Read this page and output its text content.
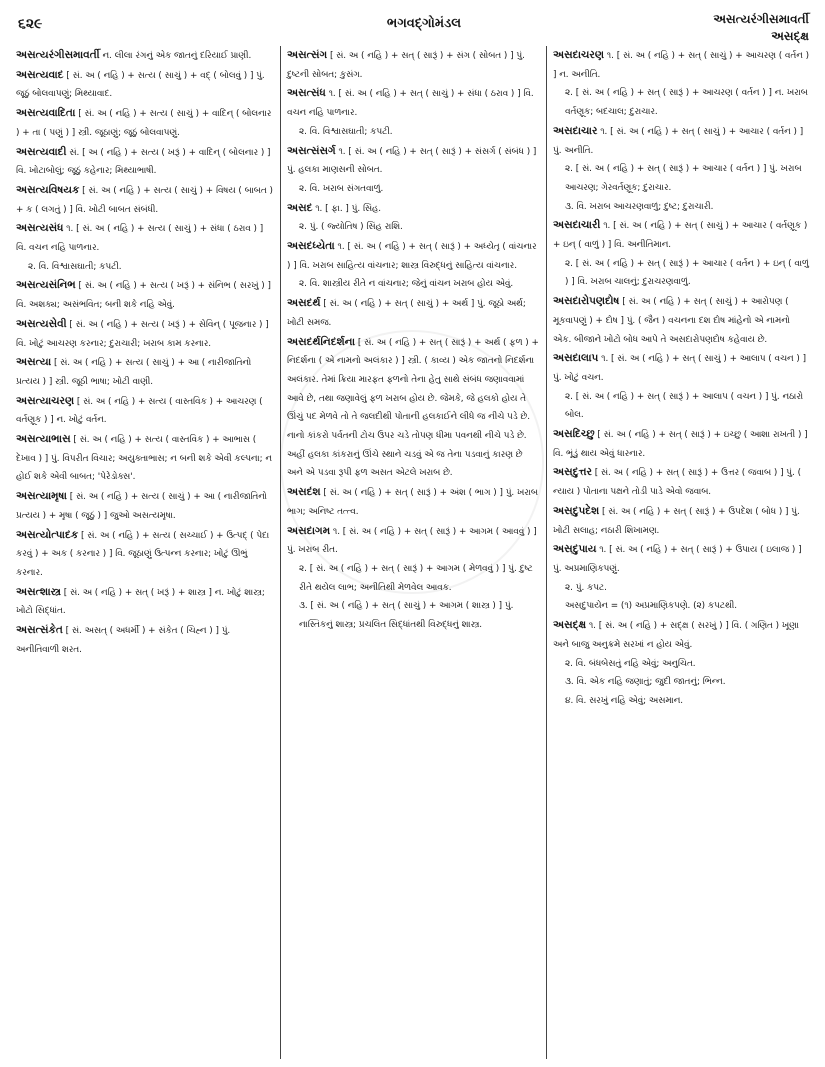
૬૨૯	ભગવદ્ગોમંડલ	અસત્યરંગીસમાવર્તી
અસદ્ક્ષ

અસત્યરંગીસમાવર્તી ન. લીલા રંગનું એક જાતનું દરિયાઈ પ્રાણી.

અસત્યવાદ [ સં. અ ( નહિ ) + સત્ય ( સાચું ) + વદ્ ( બોલવું ) ] પું. જૂઠું બોલવાપણું; મિથ્યાવાદ.

અસત્યવાદિતા [ સં. અ ( નહિ ) + સત્ય ( સાચું ) + વાદિન્ ( બોલનાર ) + તા ( પણું ) ] સ્ત્રી. જૂઠાણું; જૂઠું બોલવાપણું.

અસત્યવાદી સં. [ અ ( નહિ ) + સત્ય ( ખરૂં ) + વાદિન્ ( બોલનાર ) ] વિ. ખોટાબોલું; જૂઠું કહેનાર; મિથ્યાભાષી.

અસત્યવિષયક [ સં. અ ( નહિ ) + સત્ય ( સાચું ) + વિષય ( બાબત ) + ક ( લગતું ) ] વિ. ખોટી બાબત સંબંધી.

અસત્યસંધ ૧. [ સં. અ ( નહિ ) + સત્ય ( સાચું ) + સંધા ( ઠરાવ ) ] વિ. વચન નહિ પાળનાર.

૨. વિ. વિશ્વાસઘાતી; કપટી.

અસત્યસંનિભ [ સં. અ ( નહિ ) + સત્ય ( ખરૂં ) + સંનિભ ( સરખું ) ] વિ. અશક્ય; અસંભવિત; બની શકે નહિ એવું.

અસત્યસેવી [ સં. અ ( નહિ ) + સત્ય ( ખરૂં ) + સેવિન્ ( પૂજનાર ) ] વિ. ખોટું આચરણ કરનાર; દુરાચારી; ખરાબ કામ કરનાર.

અસત્યા [ સં. અ ( નહિ ) + સત્ય ( સાચું ) + આ ( નારીજાતિનો પ્રત્યય ) ] સ્ત્રી. જૂઠી ભાષા; ખોટી વાણી.

અસત્યાચરણ [ સં. અ ( નહિ ) + સત્ય ( વાસ્તવિક ) + આચરણ ( વર્તણૂક ) ] ન. ખોટું વર્તન.

અસત્યાભાસ [ સં. અ ( નહિ ) + સત્ય ( વાસ્તવિક ) + આભાસ ( દેખાવ ) ] પું. વિપરીત વિચાર; અયુક્તાભાસ; ન બની શકે એવી કલ્પના; ન હોઈ શકે એવી બાબત; 'પેરેડોક્સ'.

અસત્યામૃષા [ સં. અ ( નહિ ) + સત્ય ( સાચું ) + આ ( નારીજાતિનો પ્રત્યય ) + મૃષા ( જૂઠું ) ] જુઓ અસત્યમૃષા.

અસત્યોત્પાદક [ સં. અ ( નહિ ) + સત્ય ( સચ્ચાઈ ) + ઉત્પદ્ ( પેદા કરવું ) + અક ( કરનાર ) ] વિ. જૂઠાણું ઉત્પન્ન કરનાર; ખોટું ઊભું કરનાર.

અસત્શાસ્ત્ર [ સં. અ ( નહિ ) + સત્ ( ખરૂં ) + શાસ્ત્ર ] ન. ખોટું શાસ્ત્ર; ખોટો સિદ્ધાંત.

અસત્સંકેત [ સં. અસત્ ( અધર્મી ) + સંકેત ( ચિહ્ન ) ] પું. અનીતિવાળી શરત.

અસત્સંગ [ સં. અ ( નહિ ) + સત્ ( સારૂં ) + સંગ ( સોબત ) ] પું. દુષ્ટની સોબત; કુસંગ.

અસત્સંધ ૧. [ સં. અ ( નહિ ) + સત્ ( સાચું ) + સંધા ( ઠરાવ ) ] વિ. વચન નહિ પાળનાર.

૨. વિ. વિશ્વાસઘાતી; કપટી.

અસત્સંસર્ગ ૧. [ સં. અ ( નહિ ) + સત્ ( સારૂં ) + સંસર્ગ ( સંબંધ ) ] પું. હલકા માણસની સોબત.

૨. વિ. ખરાબ સંગતવાળું.

અસદ ૧. [ ફા. ] પું. સિંહ.

૨. પું. ( જ્યોતિષ ) સિંહ રાશિ.

અસદધ્યેતા ૧. [ સં. અ ( નહિ ) + સત્ ( સારૂં ) + અધ્યેતૃ ( વાંચનાર ) ] વિ. ખરાબ સાહિત્ય વાંચનાર; શાસ્ત્ર વિરુદ્ધનું સાહિત્ય વાંચનાર.

૨. વિ. શાસ્ત્રીય રીતે ન વાંચનાર; જેનું વાંચન ખરાબ હોય એવું.

અસદર્થ [ સં. અ ( નહિ ) + સત્ ( સાચું ) + અર્થ ] પું. જૂઠો અર્થ; ખોટી સમજ.

અસદર્થનિદર્શના [ સં. અ ( નહિ ) + સત્ ( સારૂં ) + અર્થ ( ફળ ) + નિદર્શના ( એ નામનો અલંકાર ) ] સ્ત્રી. ( કાવ્ય ) એક જાતનો નિદર્શના અલંકાર. તેમાં ક્રિયા મારફત ફળનો તેના હેતુ સાથે સંબંધ જણાવવામાં આવે છે, તથા જણાવેલું ફળ ખરાબ હોય છે. જેમકે, જે હલકો હોય તે ઊંચું પદ મેળવે તો તે જલદીથી પોતાની હલકાઈને લીધે જ નીચે પડે છે. નાનો કાંકરો પર્વતની ટોચ ઉપર ચડે તોપણ ધીમા પવનથી નીચે પડે છે. અહીં હલકા કાંકરાનું ઊંચે સ્થાને ચડવું એ જ તેના પડવાનું કારણ છે અને એ પડવા રૂપી ફળ અસત એટલે ખરાબ છે.

અસદંશ [ સં. અ ( નહિ ) + સત્ ( સારૂં ) + અંશ ( ભાગ ) ] પું. ખરાબ ભાગ; અનિષ્ટ તત્ત્વ.

અસદાગમ ૧. [ સં. અ ( નહિ ) + સત્ ( સારૂં ) + આગમ ( આવવું ) ] પું. ખરાબ રીત.

૨. [ સં. અ ( નહિ ) + સત્ ( સારૂં ) + આગમ ( મેળવવું ) ] પું. દુષ્ટ રીતે થયેલ લાભ; અનીતિથી મેળવેલ આવક.

૩. [ સં. અ ( નહિ ) + સત્ ( સાચું ) + આગમ ( શાસ્ત્ર ) ] પું. નાસ્તિકનું શાસ્ત્ર; પ્રચલિત સિદ્ધાંતથી વિરુદ્ધનું શાસ્ત્ર.

અસદાચરણ ૧. [ સં. અ ( નહિ ) + સત્ ( સાચું ) + આચરણ ( વર્તન ) ] ન. અનીતિ.

૨. [ સં. અ ( નહિ ) + સત્ ( સારૂં ) + આચરણ ( વર્તન ) ] ન. ખરાબ વર્તણૂક; બદચાલ; દુરાચાર.

અસદાચાર ૧. [ સં. અ ( નહિ ) + સત્ ( સાચું ) + આચાર ( વર્તન ) ] પું. અનીતિ.

૨. [ સં. અ ( નહિ ) + સત્ ( સારૂં ) + આચાર ( વર્તન ) ] પું. ખરાબ આચરણ; ગેરવર્તણૂક; દુરાચાર.

૩. વિ. ખરાબ આચરણવાળું; દુષ્ટ; દુરાચારી.

અસદાચારી ૧. [ સં. અ ( નહિ ) + સત્ ( સાચું ) + આચાર ( વર્તણૂક ) + ઇન્ ( વાળું ) ] વિ. અનીતિમાન.

૨. [ સં. અ ( નહિ ) + સત્ ( સારૂં ) + આચાર ( વર્તન ) + ઇન્ ( વાળું ) ] વિ. ખરાબ ચાલનું; દુરાચરણવાળું.

અસદારોપણદોષ [ સં. અ ( નહિ ) + સત્ ( સાચું ) + આરોપણ ( મૂકવાપણું ) + દોષ ] પું. ( જૈન ) વચનના દશ દોષ માંહેનો એ નામનો એક. બીજાને ખોટો બોધ આપે તે અસદારોપણદોષ કહેવાય છે.

અસદાલાપ ૧. [ સં. અ ( નહિ ) + સત્ ( સાચું ) + આલાપ ( વચન ) ] પું. ખોટું વચન.

૨. [ સં. અ ( નહિ ) + સત્ ( સારૂં ) + આલાપ ( વચન ) ] પું. નઠારો બોલ.

અસદિચ્છુ [ સં. અ ( નહિ ) + સત્ ( સારૂં ) + ઇચ્છુ ( આશા રાખતી ) ] વિ. ભૂંડું થાય એવું ધારનાર.

અસદુત્તર [ સં. અ ( નહિ ) + સત્ ( સારૂં ) + ઉત્તર ( જવાબ ) ] પું. ( ન્યાય ) પોતાના પક્ષને તોડી પાડે એવો જવાબ.

અસદુપદેશ [ સં. અ ( નહિ ) + સત્ ( સારૂં ) + ઉપદેશ ( બોધ ) ] પું. ખોટી સલાહ; નઠારી શિખામણ.

અસદુપાય ૧. [ સં. અ ( નહિ ) + સત્ ( સારૂં ) + ઉપાય ( ઇલાજ ) ] પું. અપ્રમાણિકપણું.

૨. પું. કપટ.

અસદુપાયેન = (૧) અપ્રમાણિકપણે. (૨) કપટથી.

અસદ્ક્ષ ૧. [ સં. અ ( નહિ ) + સદ્ક્ષ ( સરખું ) ] વિ. ( ગણિત ) ખૂણા અને બાજુ અનુક્રમે સરખાં ન હોય એવું.

૨. વિ. બંધબેસતું નહિ એવું; અનુચિત.

૩. વિ. એક નહિ જણાતું; જુદી જાતનું; ભિન્ન.

૪. વિ. સરખું નહિ એવું; અસમાન.
